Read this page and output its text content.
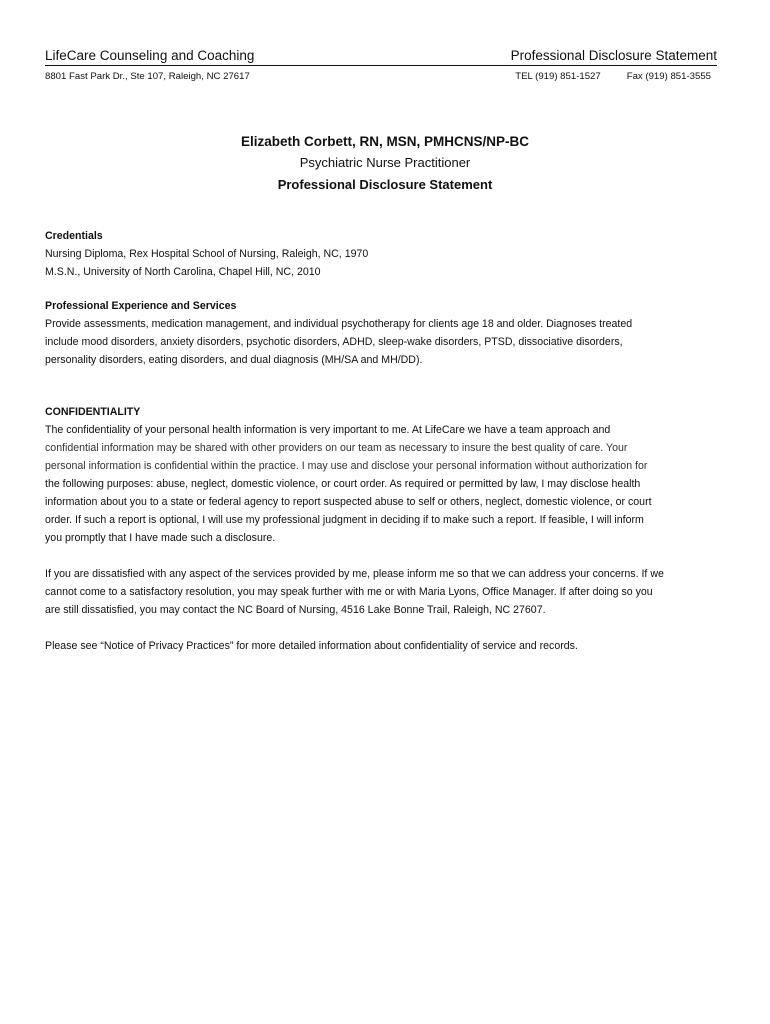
LifeCare Counseling and Coaching	Professional Disclosure Statement
8801 Fast Park Dr., Ste 107, Raleigh, NC 27617	TEL (919) 851-1527	Fax (919) 851-3555
Elizabeth Corbett, RN, MSN, PMHCNS/NP-BC
Psychiatric Nurse Practitioner
Professional Disclosure Statement
Credentials

Nursing Diploma, Rex Hospital School of Nursing, Raleigh, NC, 1970

M.S.N., University of North Carolina, Chapel Hill, NC, 2010

Professional Experience and Services

Provide assessments, medication management, and individual psychotherapy for clients age 18 and older. Diagnoses treated

include mood disorders, anxiety disorders, psychotic disorders, ADHD, sleep-wake disorders, PTSD, dissociative disorders,

personality disorders, eating disorders, and dual diagnosis (MH/SA and MH/DD).

CONFIDENTIALITY

The confidentiality of your personal health information is very important to me. At LifeCare we have a team approach and

confidential information may be shared with other providers on our team as necessary to insure the best quality of care. Your

personal information is confidential within the practice. I may use and disclose your personal information without authorization for

the following purposes: abuse, neglect, domestic violence, or court order. As required or permitted by law, I may disclose health

information about you to a state or federal agency to report suspected abuse to self or others, neglect, domestic violence, or court

order. If such a report is optional, I will use my professional judgment in deciding if to make such a report. If feasible, I will inform

you promptly that I have made such a disclosure.

If you are dissatisfied with any aspect of the services provided by me, please inform me so that we can address your concerns. If we

cannot come to a satisfactory resolution, you may speak further with me or with Maria Lyons, Office Manager. If after doing so you

are still dissatisfied, you may contact the NC Board of Nursing, 4516 Lake Bonne Trail, Raleigh, NC 27607.

Please see “Notice of Privacy Practices” for more detailed information about confidentiality of service and records.
